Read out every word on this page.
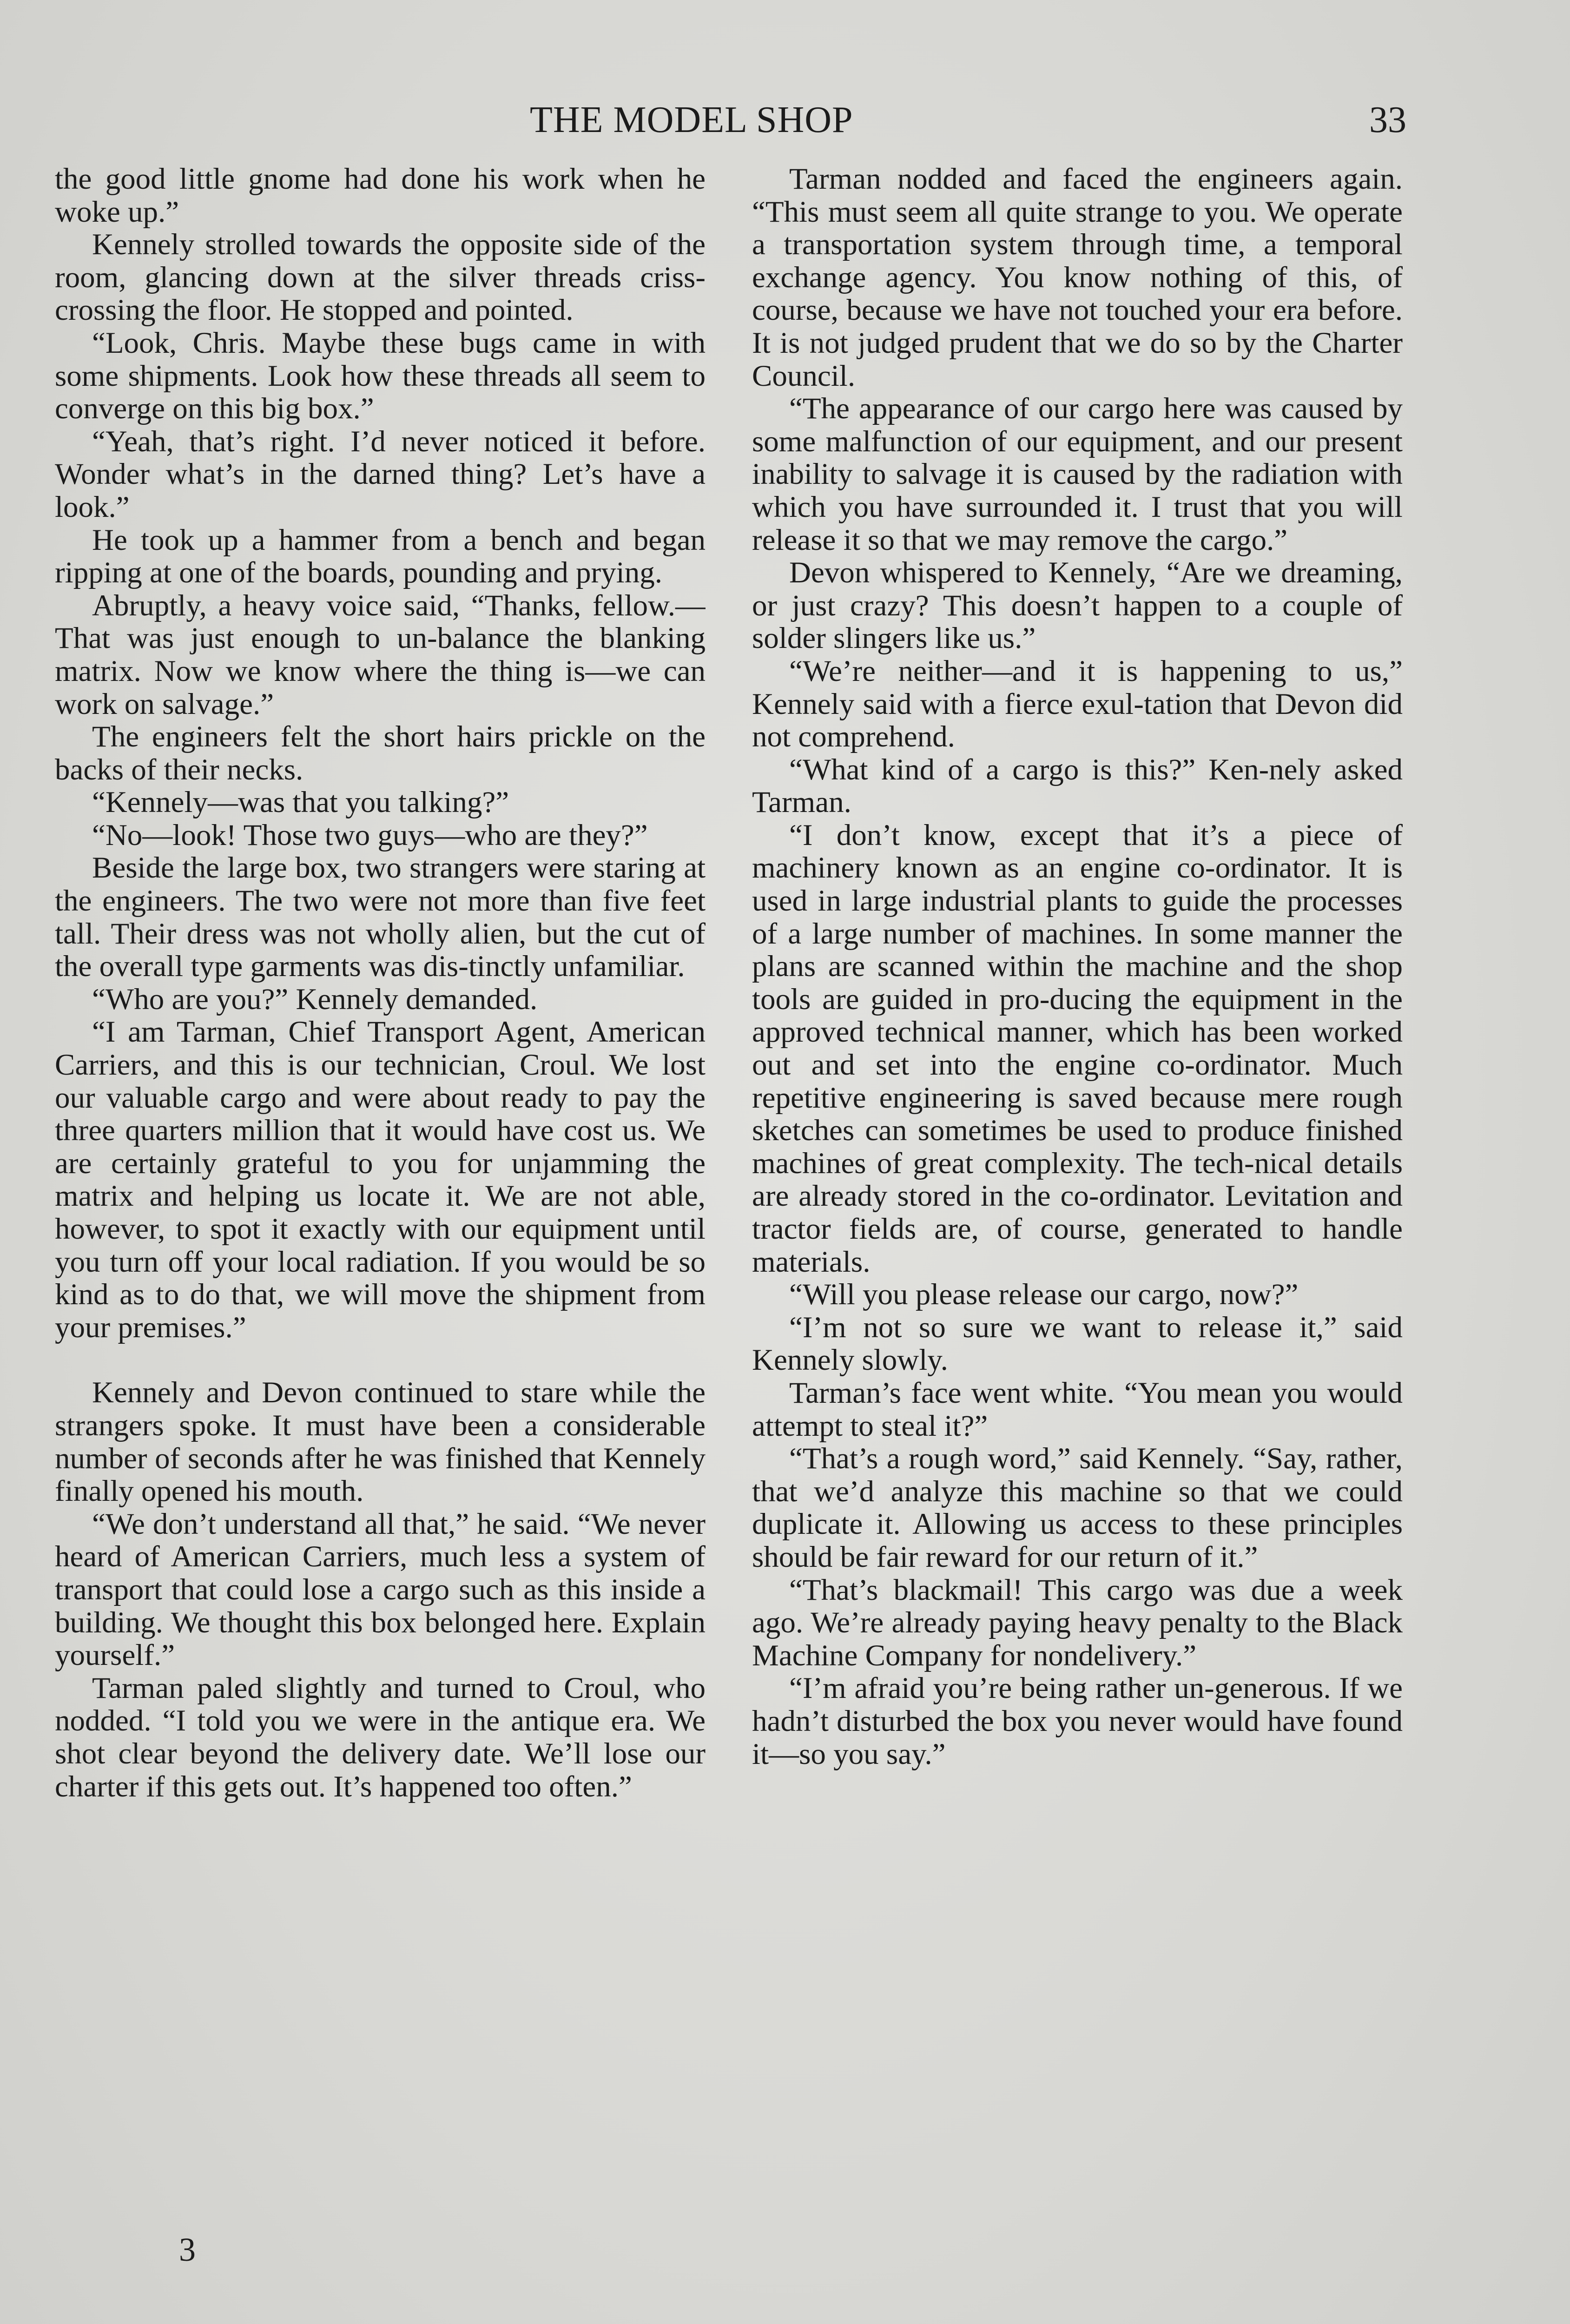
THE MODEL SHOP	33

the good little gnome had done his work when he woke up.”

Kennely strolled towards the opposite side of the room, glancing down at the silver threads criss-crossing the floor. He stopped and pointed.

“Look, Chris. Maybe these bugs came in with some shipments. Look how these threads all seem to converge on this big box.”

“Yeah, that’s right. I’d never noticed it before. Wonder what’s in the darned thing? Let’s have a look.”

He took up a hammer from a bench and began ripping at one of the boards, pounding and prying.

Abruptly, a heavy voice said, “Thanks, fellow.—That was just enough to un-balance the blanking matrix. Now we know where the thing is—we can work on salvage.”

The engineers felt the short hairs prickle on the backs of their necks.

“Kennely—was that you talking?”

“No—look! Those two guys—who are they?”

Beside the large box, two strangers were staring at the engineers. The two were not more than five feet tall. Their dress was not wholly alien, but the cut of the overall type garments was dis-tinctly unfamiliar.

“Who are you?” Kennely demanded.

“I am Tarman, Chief Transport Agent, American Carriers, and this is our technician, Croul. We lost our valuable cargo and were about ready to pay the three quarters million that it would have cost us. We are certainly grateful to you for unjamming the matrix and helping us locate it. We are not able, however, to spot it exactly with our equipment until you turn off your local radiation. If you would be so kind as to do that, we will move the shipment from your premises.”

Kennely and Devon continued to stare while the strangers spoke. It must have been a considerable number of seconds after he was finished that Kennely finally opened his mouth.

“We don’t understand all that,” he said. “We never heard of American Carriers, much less a system of transport that could lose a cargo such as this inside a building. We thought this box belonged here. Explain yourself.”

Tarman paled slightly and turned to Croul, who nodded. “I told you we were in the antique era. We shot clear beyond the delivery date. We’ll lose our charter if this gets out. It’s happened too often.”

Tarman nodded and faced the engineers again. “This must seem all quite strange to you. We operate a transportation system through time, a temporal exchange agency. You know nothing of this, of course, because we have not touched your era before. It is not judged prudent that we do so by the Charter Council.

“The appearance of our cargo here was caused by some malfunction of our equipment, and our present inability to salvage it is caused by the radiation with which you have surrounded it. I trust that you will release it so that we may remove the cargo.”

Devon whispered to Kennely, “Are we dreaming, or just crazy? This doesn’t happen to a couple of solder slingers like us.”

“We’re neither—and it is happening to us,” Kennely said with a fierce exul-tation that Devon did not comprehend.

“What kind of a cargo is this?” Ken-nely asked Tarman.

“I don’t know, except that it’s a piece of machinery known as an engine co-ordinator. It is used in large industrial plants to guide the processes of a large number of machines. In some manner the plans are scanned within the machine and the shop tools are guided in pro-ducing the equipment in the approved technical manner, which has been worked out and set into the engine co-ordinator. Much repetitive engineering is saved because mere rough sketches can sometimes be used to produce finished machines of great complexity. The tech-nical details are already stored in the co-ordinator. Levitation and tractor fields are, of course, generated to handle materials.

“Will you please release our cargo, now?”

“I’m not so sure we want to release it,” said Kennely slowly.

Tarman’s face went white. “You mean you would attempt to steal it?”

“That’s a rough word,” said Kennely. “Say, rather, that we’d analyze this machine so that we could duplicate it. Allowing us access to these principles should be fair reward for our return of it.”

“That’s blackmail! This cargo was due a week ago. We’re already paying heavy penalty to the Black Machine Company for nondelivery.”

“I’m afraid you’re being rather un-generous. If we hadn’t disturbed the box you never would have found it—so you say.”

3
